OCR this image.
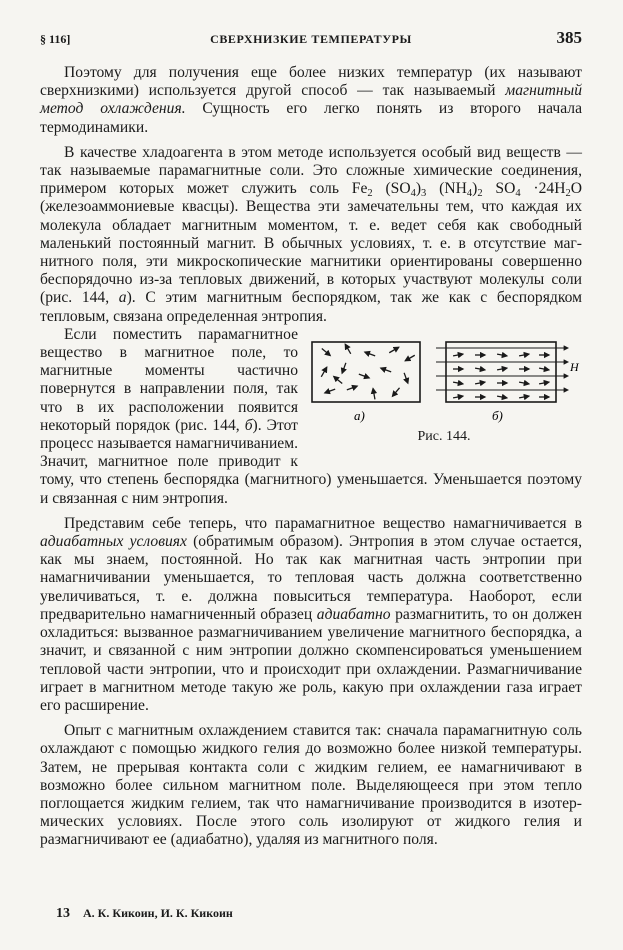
§ 116]	СВЕРХНИЗКИЕ ТЕМПЕРАТУРЫ	385

Поэтому для получения еще более низких температур (их называют сверхнизкими) используется другой способ — так называемый магнитный метод охлаждения. Сущность его легко понять из второго начала термодинамики.

В качестве хладоагента в этом методе используется особый вид веществ — так называемые парамагнитные соли. Это сложные химические соединения, примером которых может служить соль $Fe_2$ $(SO_4)_3$ $(NH_4)_2$ $SO_4 \cdot 24H_2O$ (железоаммониевые квасцы). Вещества эти замечательны тем, что каждая их молекула обладает магнитным моментом, т. е. ведет себя как свободный маленький постоянный магнит. В обычных условиях, т. е. в отсутствие магнитного поля, эти микроскопические магнитики ориентированы совершенно беспорядочно из-за тепловых движений, в которых участвуют молекулы соли (рис. 144, а). С этим магнитным беспорядком, так же как с беспорядком тепловым, связана определенная энтропия.

H
а)	б)
Рис. 144.

Если поместить парамагнитное вещество в магнитное поле, то магнитные моменты частично повернутся в направлении поля, так что в их расположении появится некоторый порядок (рис. 144, б). Этот процесс называется намагничиванием. Значит, магнитное поле приводит к тому, что степень беспорядка (магнитного) уменьшается. Уменьшается поэтому и связанная с ним энтропия.

Представим себе теперь, что парамагнитное вещество намагничивается в адиабатных условиях (обратимым образом). Энтропия в этом случае остается, как мы знаем, постоянной. Но так как магнитная часть энтропии при намагничивании уменьшается, то тепловая часть должна соответственно увеличиваться, т. е. должна повыситься температура. Наоборот, если предварительно намагниченный образец адиабатно размагнитить, то он должен охладиться: вызванное размагничиванием увеличение магнитного беспорядка, а значит, и связанной с ним энтропии должно скомпенсироваться уменьшением тепловой части энтропии, что и происходит при охлаждении. Размагничивание играет в магнитном методе такую же роль, какую при охлаждении газа играет его расширение.

Опыт с магнитным охлаждением ставится так: сначала парамагнитную соль охлаждают с помощью жидкого гелия до возможно более низкой температуры. Затем, не прерывая контакта соли с жидким гелием, ее намагничивают в возможно более сильном магнитном поле. Выделяющееся при этом тепло поглощается жидким гелием, так что намагничивание производится в изотермических условиях. После этого соль изолируют от жидкого гелия и размагничивают ее (адиабатно), удаляя из магнитного поля.

13 А. К. Кикоин, И. К. Кикоин
